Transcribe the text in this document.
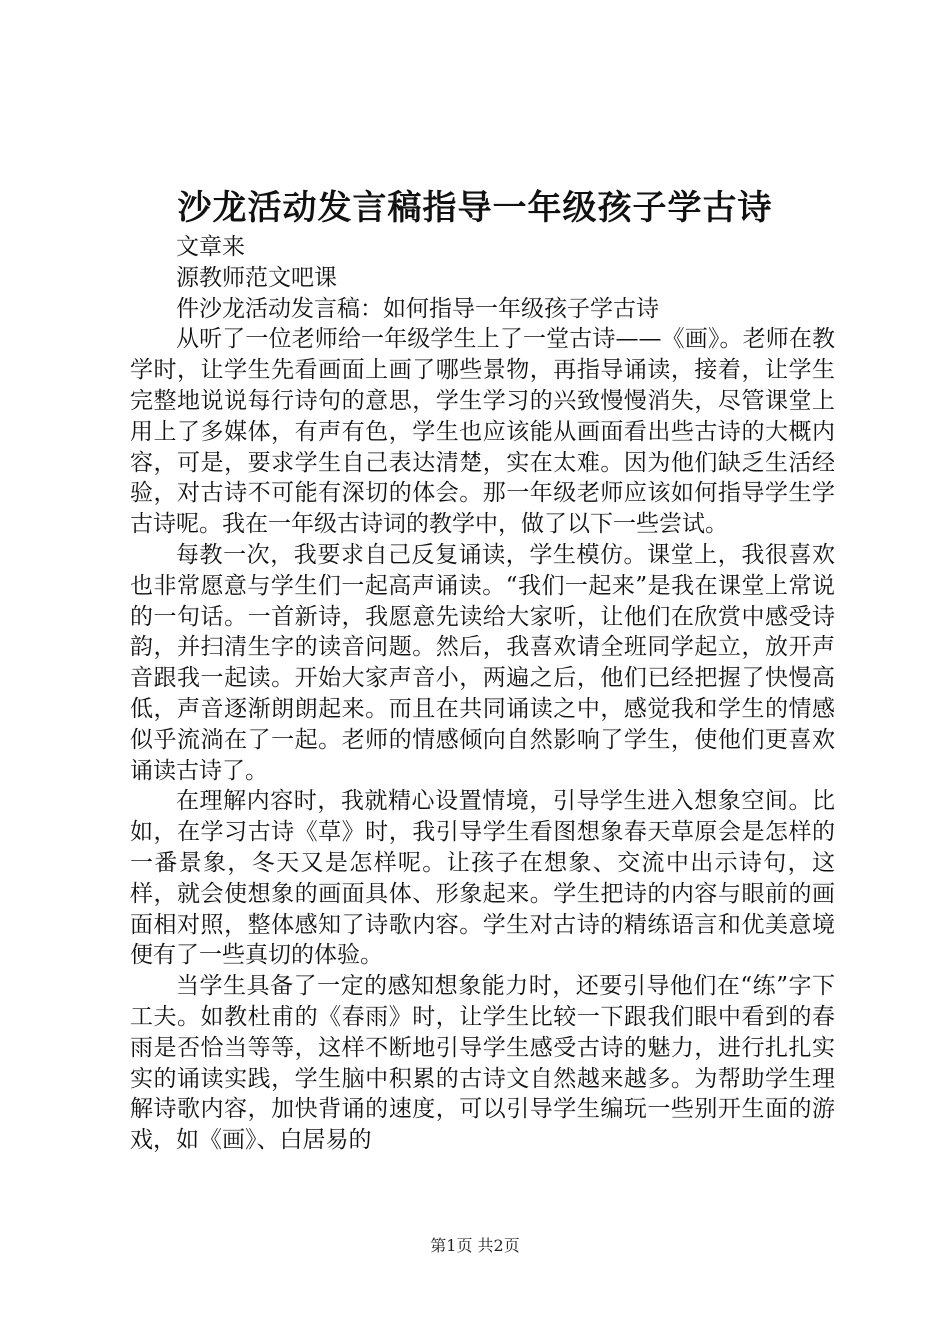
沙龙活动发言稿指导一年级孩子学古诗
文章来
源教师范文吧课
件沙龙活动发言稿：如何指导一年级孩子学古诗

从听了一位老师给一年级学生上了一堂古诗——《画》。老师在教学时，让学生先看画面上画了哪些景物，再指导诵读，接着，让学生完整地说说每行诗句的意思，学生学习的兴致慢慢消失，尽管课堂上用上了多媒体，有声有色，学生也应该能从画面看出些古诗的大概内容，可是，要求学生自己表达清楚，实在太难。因为他们缺乏生活经验，对古诗不可能有深切的体会。那一年级老师应该如何指导学生学古诗呢。我在一年级古诗词的教学中，做了以下一些尝试。

每教一次，我要求自己反复诵读，学生模仿。课堂上，我很喜欢也非常愿意与学生们一起高声诵读。“我们一起来”是我在课堂上常说的一句话。一首新诗，我愿意先读给大家听，让他们在欣赏中感受诗韵，并扫清生字的读音问题。然后，我喜欢请全班同学起立，放开声音跟我一起读。开始大家声音小，两遍之后，他们已经把握了快慢高低，声音逐渐朗朗起来。而且在共同诵读之中，感觉我和学生的情感似乎流淌在了一起。老师的情感倾向自然影响了学生，使他们更喜欢诵读古诗了。

在理解内容时，我就精心设置情境，引导学生进入想象空间。比如，在学习古诗《草》时，我引导学生看图想象春天草原会是怎样的一番景象，冬天又是怎样呢。让孩子在想象、交流中出示诗句，这样，就会使想象的画面具体、形象起来。学生把诗的内容与眼前的画面相对照，整体感知了诗歌内容。学生对古诗的精练语言和优美意境便有了一些真切的体验。

当学生具备了一定的感知想象能力时，还要引导他们在“练”字下工夫。如教杜甫的《春雨》时，让学生比较一下跟我们眼中看到的春雨是否恰当等等，这样不断地引导学生感受古诗的魅力，进行扎扎实实的诵读实践，学生脑中积累的古诗文自然越来越多。为帮助学生理解诗歌内容，加快背诵的速度，可以引导学生编玩一些别开生面的游戏，如《画》、白居易的

第1页 共2页
